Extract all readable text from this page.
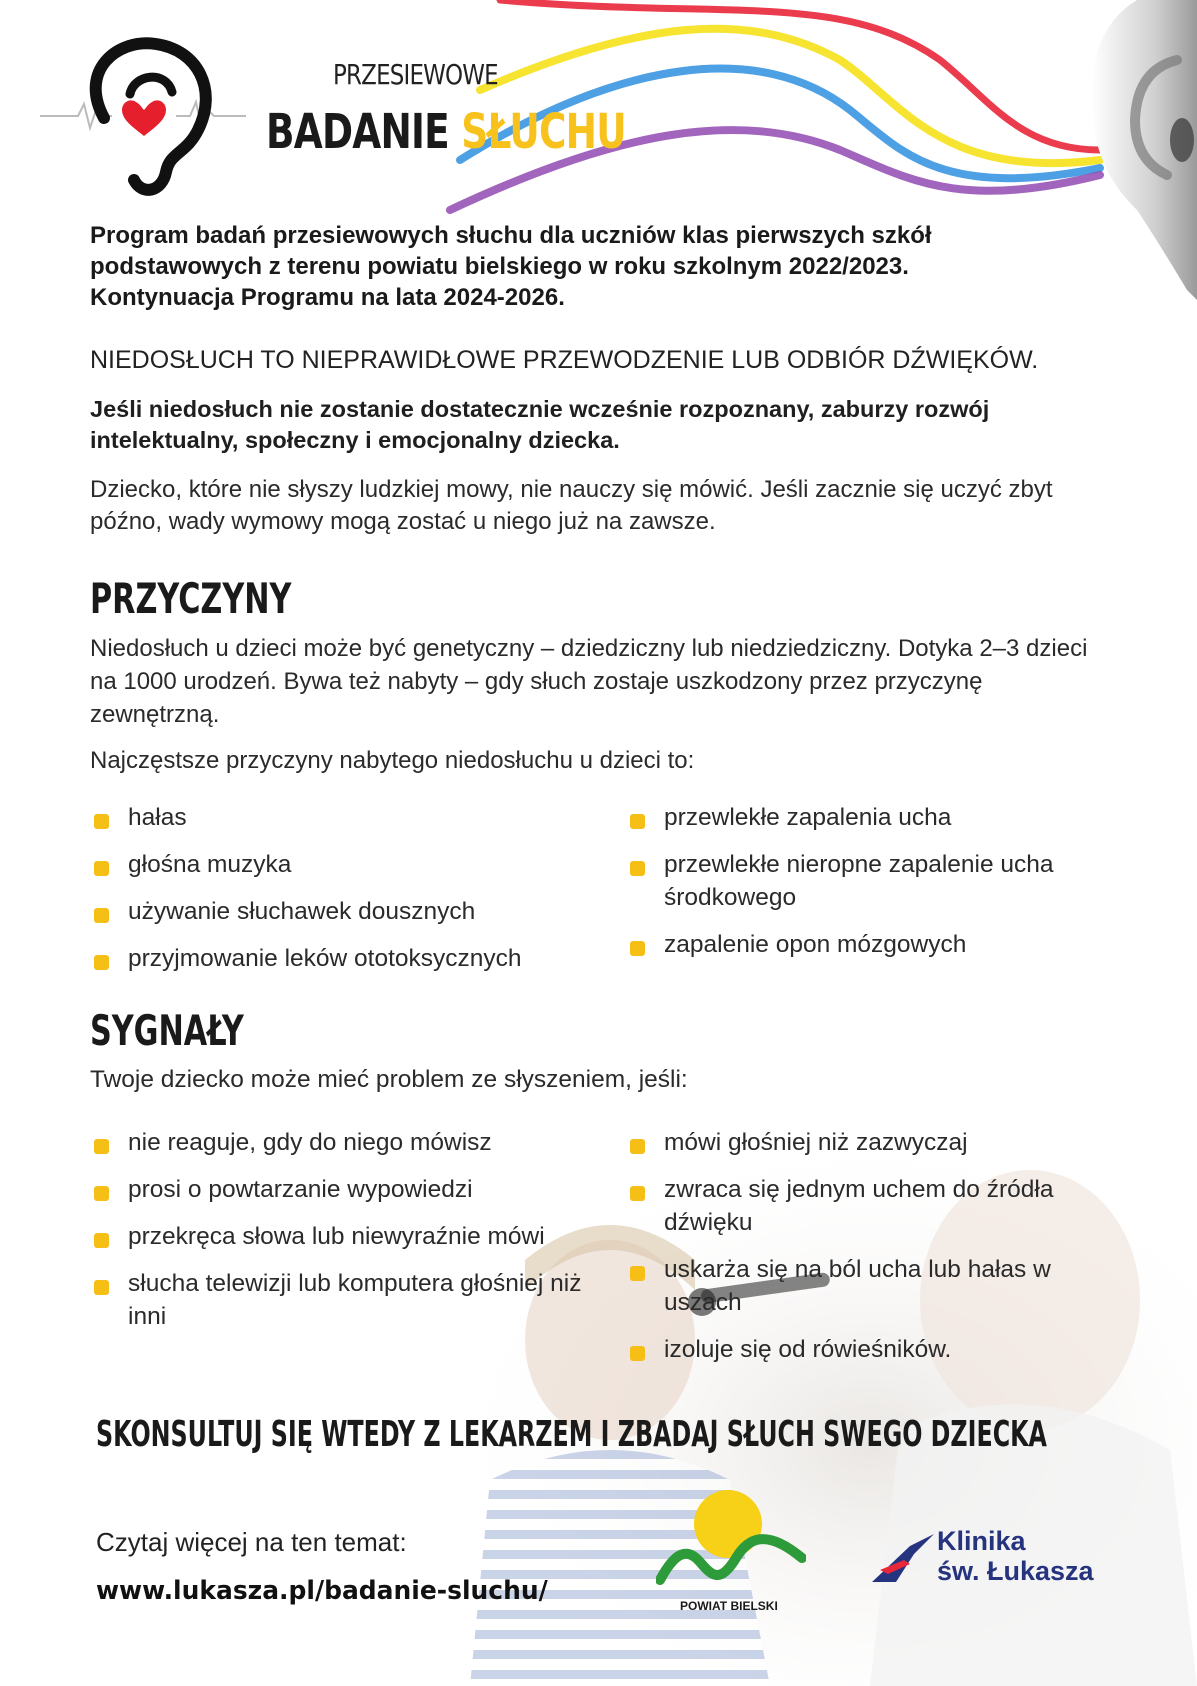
PRZESIEWOWE
BADANIE SŁUCHU
Program badań przesiewowych słuchu dla uczniów klas pierwszych szkół podstawowych z terenu powiatu bielskiego w roku szkolnym 2022/2023. Kontynuacja Programu na lata 2024-2026.
NIEDOSŁUCH TO NIEPRAWIDŁOWE PRZEWODZENIE LUB ODBIÓR DŹWIĘKÓW.
Jeśli niedosłuch nie zostanie dostatecznie wcześnie rozpoznany, zaburzy rozwój intelektualny, społeczny i emocjonalny dziecka.
Dziecko, które nie słyszy ludzkiej mowy, nie nauczy się mówić. Jeśli zacznie się uczyć zbyt późno, wady wymowy mogą zostać u niego już na zawsze.
PRZYCZYNY
Niedosłuch u dzieci może być genetyczny – dziedziczny lub niedziedziczny. Dotyka 2–3 dzieci na 1000 urodzeń. Bywa też nabyty – gdy słuch zostaje uszkodzony przez przyczynę zewnętrzną.
Najczęstsze przyczyny nabytego niedosłuchu u dzieci to:
hałas
głośna muzyka
używanie słuchawek dousznych
przyjmowanie leków ototoksycznych
przewlekłe zapalenia ucha
przewlekłe nieropne zapalenie ucha środkowego
zapalenie opon mózgowych
SYGNAŁY
Twoje dziecko może mieć problem ze słyszeniem, jeśli:
nie reaguje, gdy do niego mówisz
prosi o powtarzanie wypowiedzi
przekręca słowa lub niewyraźnie mówi
słucha telewizji lub komputera głośniej niż inni
mówi głośniej niż zazwyczaj
zwraca się jednym uchem do źródła dźwięku
uskarża się na ból ucha lub hałas w uszach
izoluje się od rówieśników.
SKONSULTUJ SIĘ WTEDY Z LEKARZEM I ZBADAJ SŁUCH SWEGO DZIECKA
Czytaj więcej na ten temat:
www.lukasza.pl/badanie-sluchu/	POWIAT BIELSKI
Klinika
św. Łukasza
